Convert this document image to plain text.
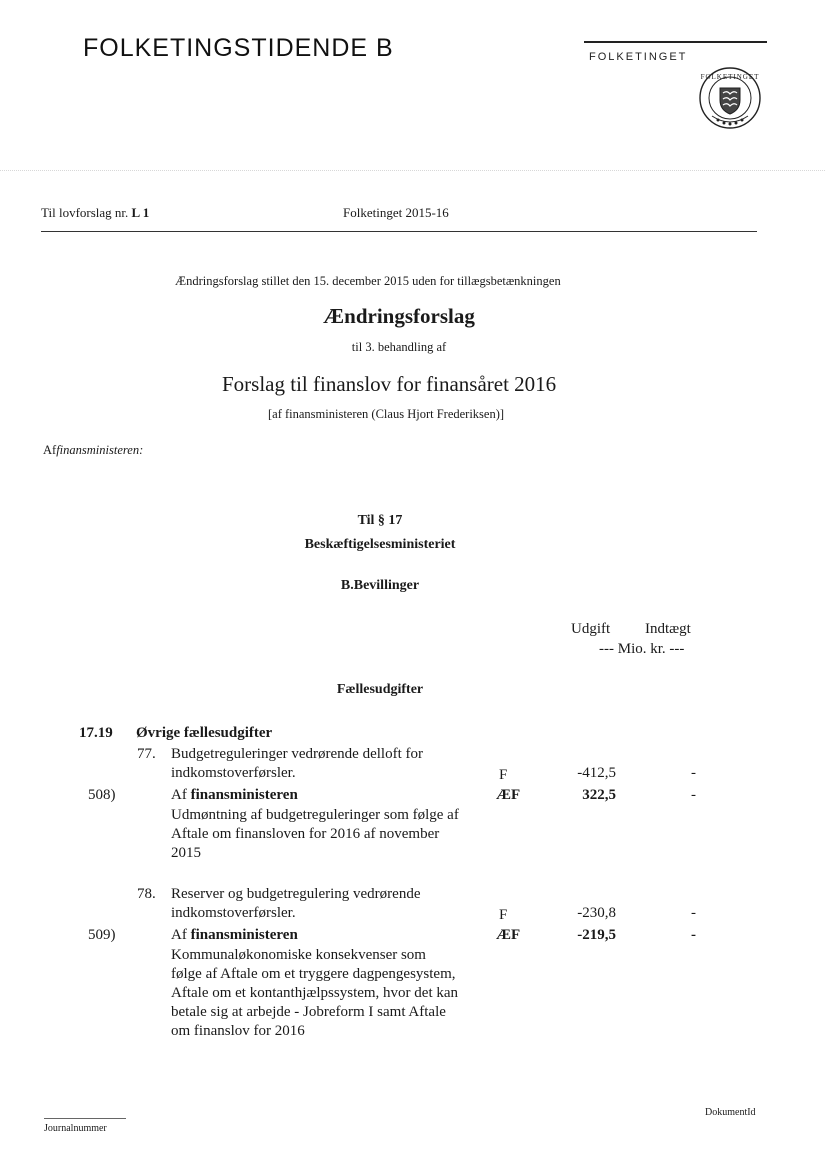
FOLKETINGSTIDENDE B	FOLKETINGET
FOLKETINGET
Til lovforslag nr. L 1	Folketinget 2015-16
Ændringsforslag stillet den 15. december 2015 uden for tillægsbetænkningen
Ændringsforslag
til 3. behandling af
Forslag til finanslov for finansåret 2016
[af finansministeren (Claus Hjort Frederiksen)]
Affinansministeren:
Til § 17
Beskæftigelsesministeriet
B.Bevillinger
Udgift Indtægt
--- Mio. kr. ---
Fællesudgifter
17.19 Øvrige fællesudgifter
77. Budgetreguleringer vedrørende delloft for
indkomstoverførsler.	F	-412,5	-
508)	Af finansministeren	ÆF	322,5	-
Udmøntning af budgetreguleringer som følge af
Aftale om finansloven for 2016 af november
2015
78. Reserver og budgetregulering vedrørende
indkomstoverførsler.	F	-230,8	-
509)	Af finansministeren	ÆF	-219,5	-
Kommunaløkonomiske konsekvenser som
følge af Aftale om et tryggere dagpengesystem,
Aftale om et kontanthjælpssystem, hvor det kan
betale sig at arbejde - Jobreform I samt Aftale
om finanslov for 2016
Journalnummer
DokumentId
